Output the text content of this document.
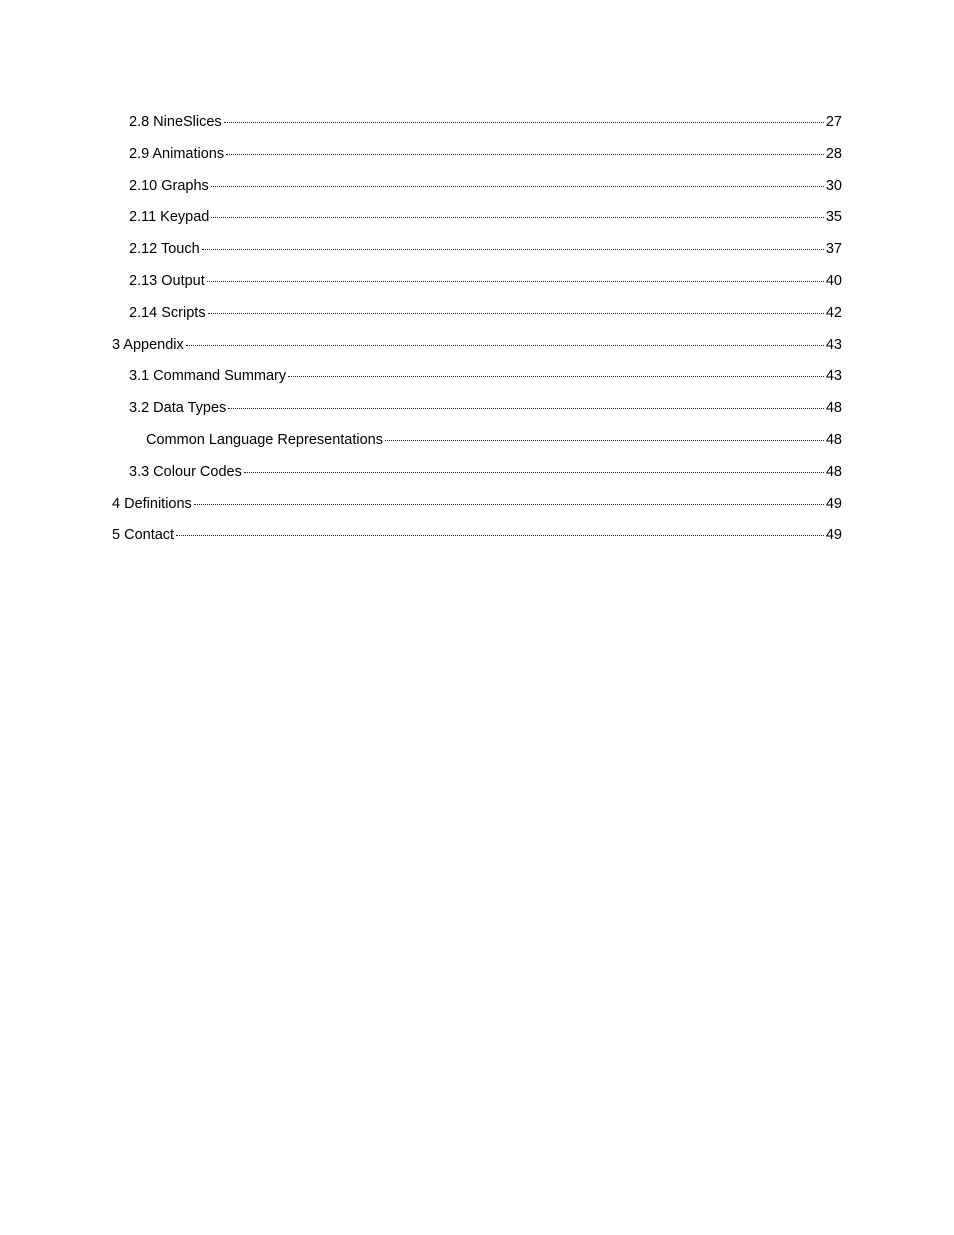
2.8 NineSlices	27
2.9 Animations	28
2.10 Graphs	30
2.11 Keypad	35
2.12 Touch	37
2.13 Output	40
2.14 Scripts	42
3 Appendix	43
3.1 Command Summary	43
3.2 Data Types	48
Common Language Representations	48
3.3 Colour Codes	48
4 Definitions	49
5 Contact	49
